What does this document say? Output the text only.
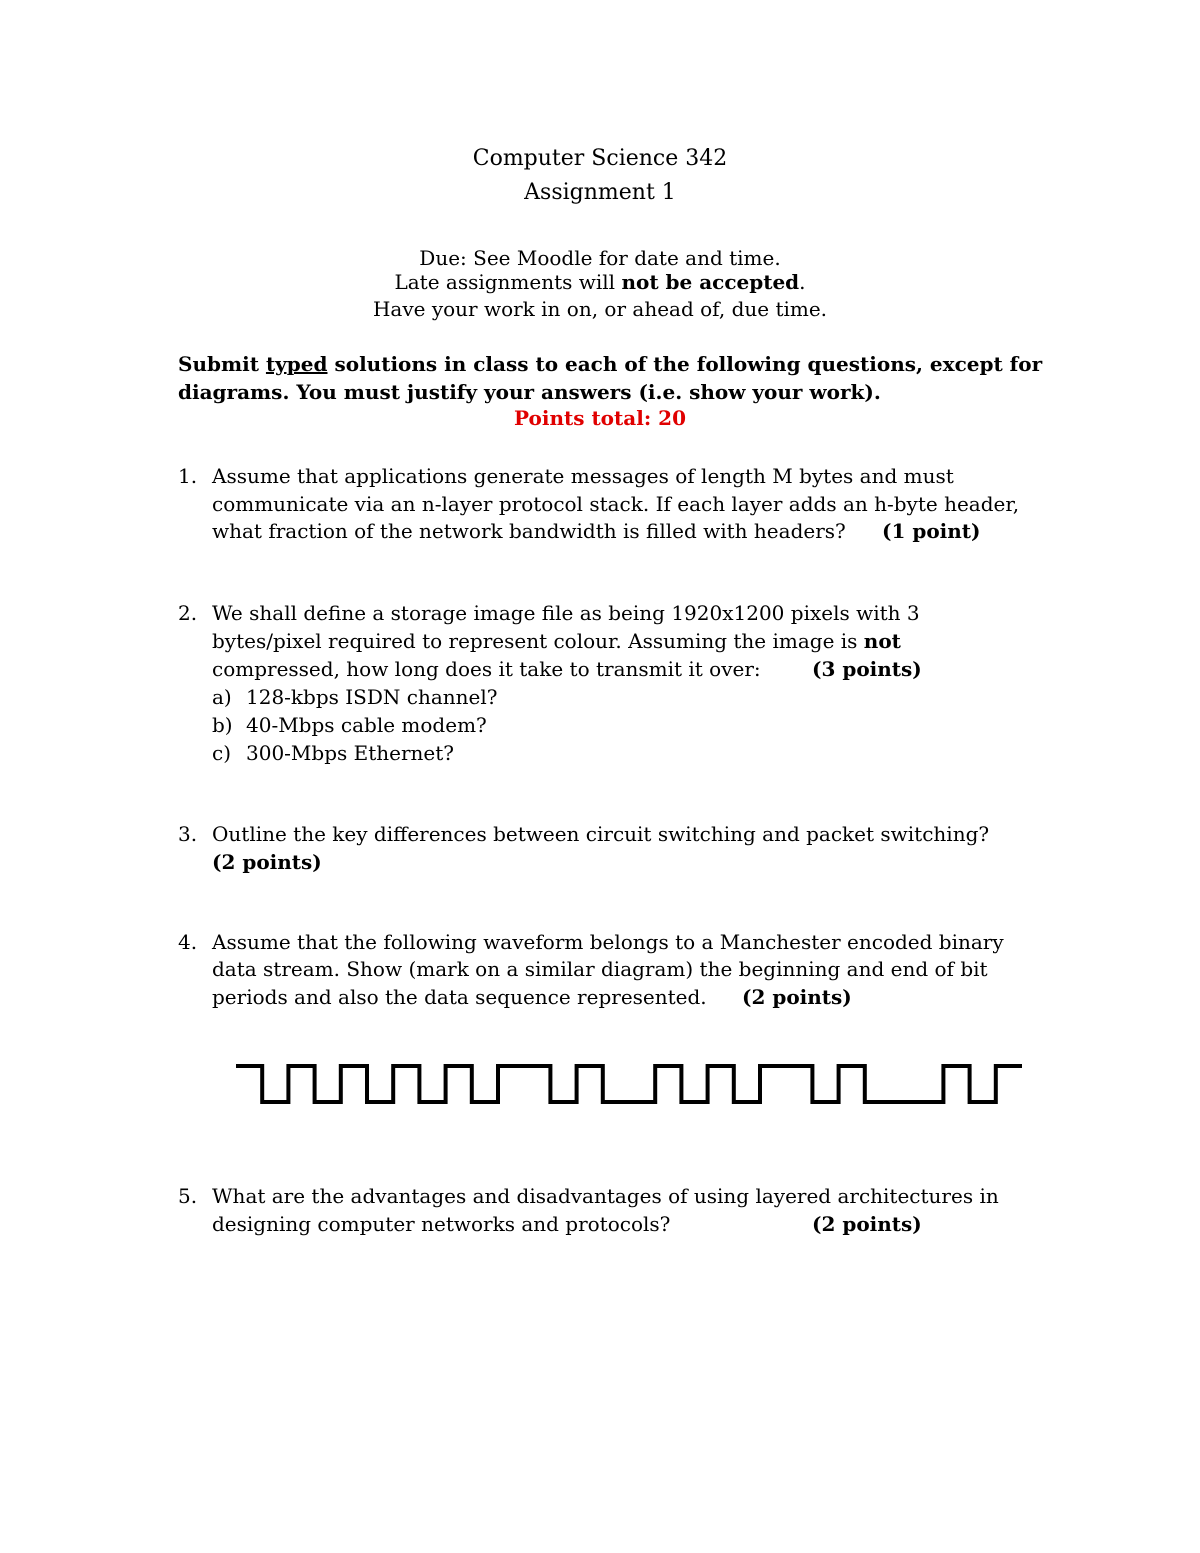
Computer Science 342
Assignment 1
Due: See Moodle for date and time.
Late assignments will not be accepted.
Have your work in on, or ahead of, due time.
Submit typed solutions in class to each of the following questions, except for
diagrams. You must justify your answers (i.e. show your work).
Points total: 20
1. Assume that applications generate messages of length M bytes and must
communicate via an n-layer protocol stack. If each layer adds an h-byte header,
what fraction of the network bandwidth is filled with headers? (1 point)
2. We shall define a storage image file as being 1920x1200 pixels with 3
bytes/pixel required to represent colour. Assuming the image is not
compressed, how long does it take to transmit it over:	(3 points)
a) 128-kbps ISDN channel?
b) 40-Mbps cable modem?
c) 300-Mbps Ethernet?
3. Outline the key differences between circuit switching and packet switching?
(2 points)
4. Assume that the following waveform belongs to a Manchester encoded binary
data stream. Show (mark on a similar diagram) the beginning and end of bit
periods and also the data sequence represented. (2 points)
5. What are the advantages and disadvantages of using layered architectures in
designing computer networks and protocols?	(2 points)
